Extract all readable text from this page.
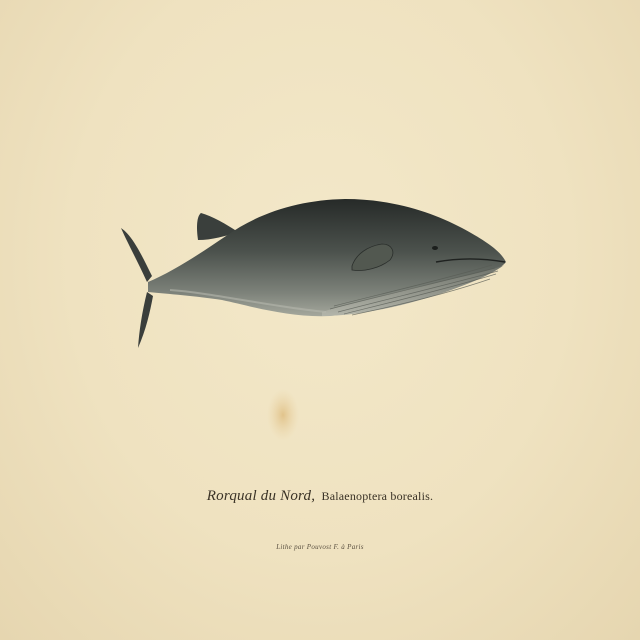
Rorqual du Nord, Balaenoptera borealis.
Lithe par Pouvost F. à Paris
